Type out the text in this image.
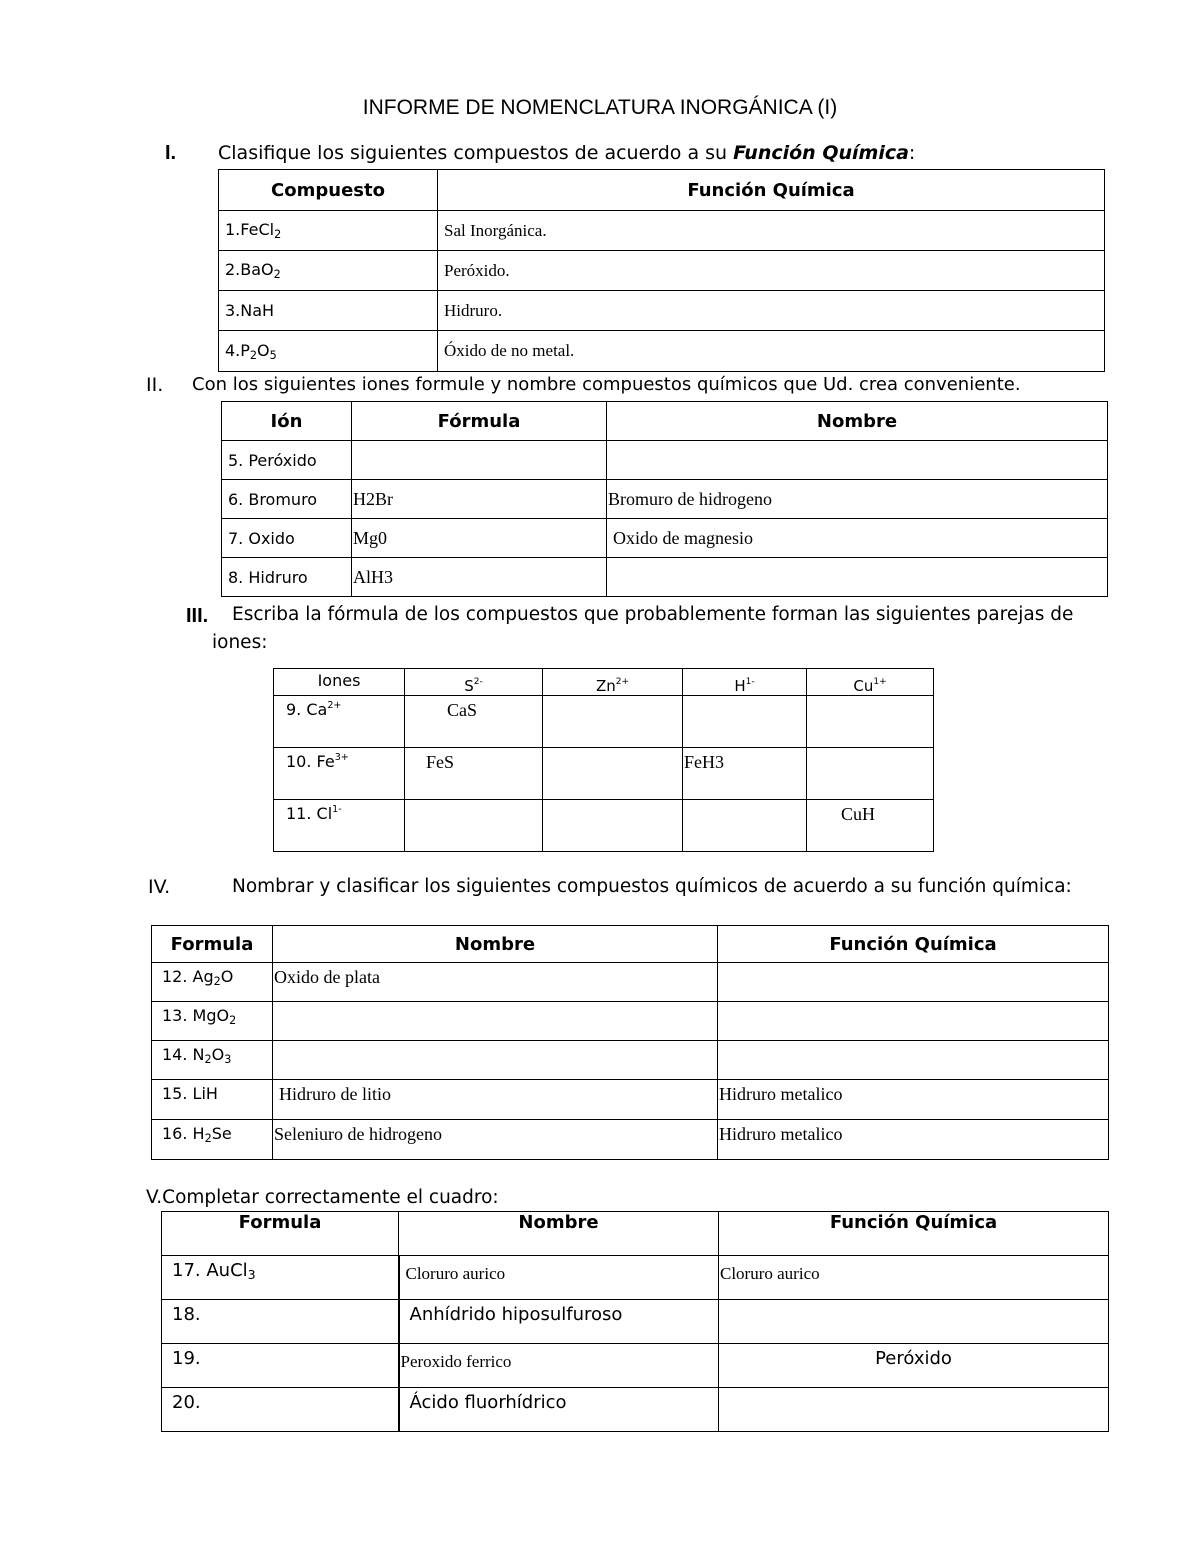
INFORME DE NOMENCLATURA INORGÁNICA (I)
I. Clasifique los siguientes compuestos de acuerdo a su Función Química:
Compuesto	Función Química
1.FeCl$_2$	Sal Inorgánica.
2.BaO$_2$	Peróxido.
3.NaH	Hidruro.
$4.P_2O_5$	Óxido de no metal.
II. Con los siguientes iones formule y nombre compuestos químicos que Ud. crea conveniente.
Ión	Fórmula	Nombre
5. Peróxido		
6. Bromuro	H2Br	Bromuro de hidrogeno
7. Oxido	Mg0	Oxido de magnesio
8. Hidruro	AlH3	
III. Escriba la fórmula de los compuestos que probablemente forman las siguientes parejas de
iones:
Iones	$S^{2-}$	$Zn^{2+}$	$H^{1-}$	$Cu^{1+}$
9. $Ca^{2+}$	CaS			
10. $Fe^{3+}$	FeS		FeH3	
11. $Cl^{1-}$				CuH
IV.	Nombrar y clasificar los siguientes compuestos químicos de acuerdo a su función química:
Formula	Nombre	Función Química
12. $Ag_2O$	Oxido de plata	
13. MgO$_2$		
14. $N_2O_3$		
15. LiH	Hidruro de litio	Hidruro metalico
16. $H_2Se$	Seleniuro de hidrogeno	Hidruro metalico
V.Completar correctamente el cuadro:
Formula	Nombre	Función Química
17. AuCl$_3$	Cloruro aurico	Cloruro aurico
18.	Anhídrido hiposulfuroso	
19.	Peroxido ferrico	Peróxido
20.	Ácido fluorhídrico	
